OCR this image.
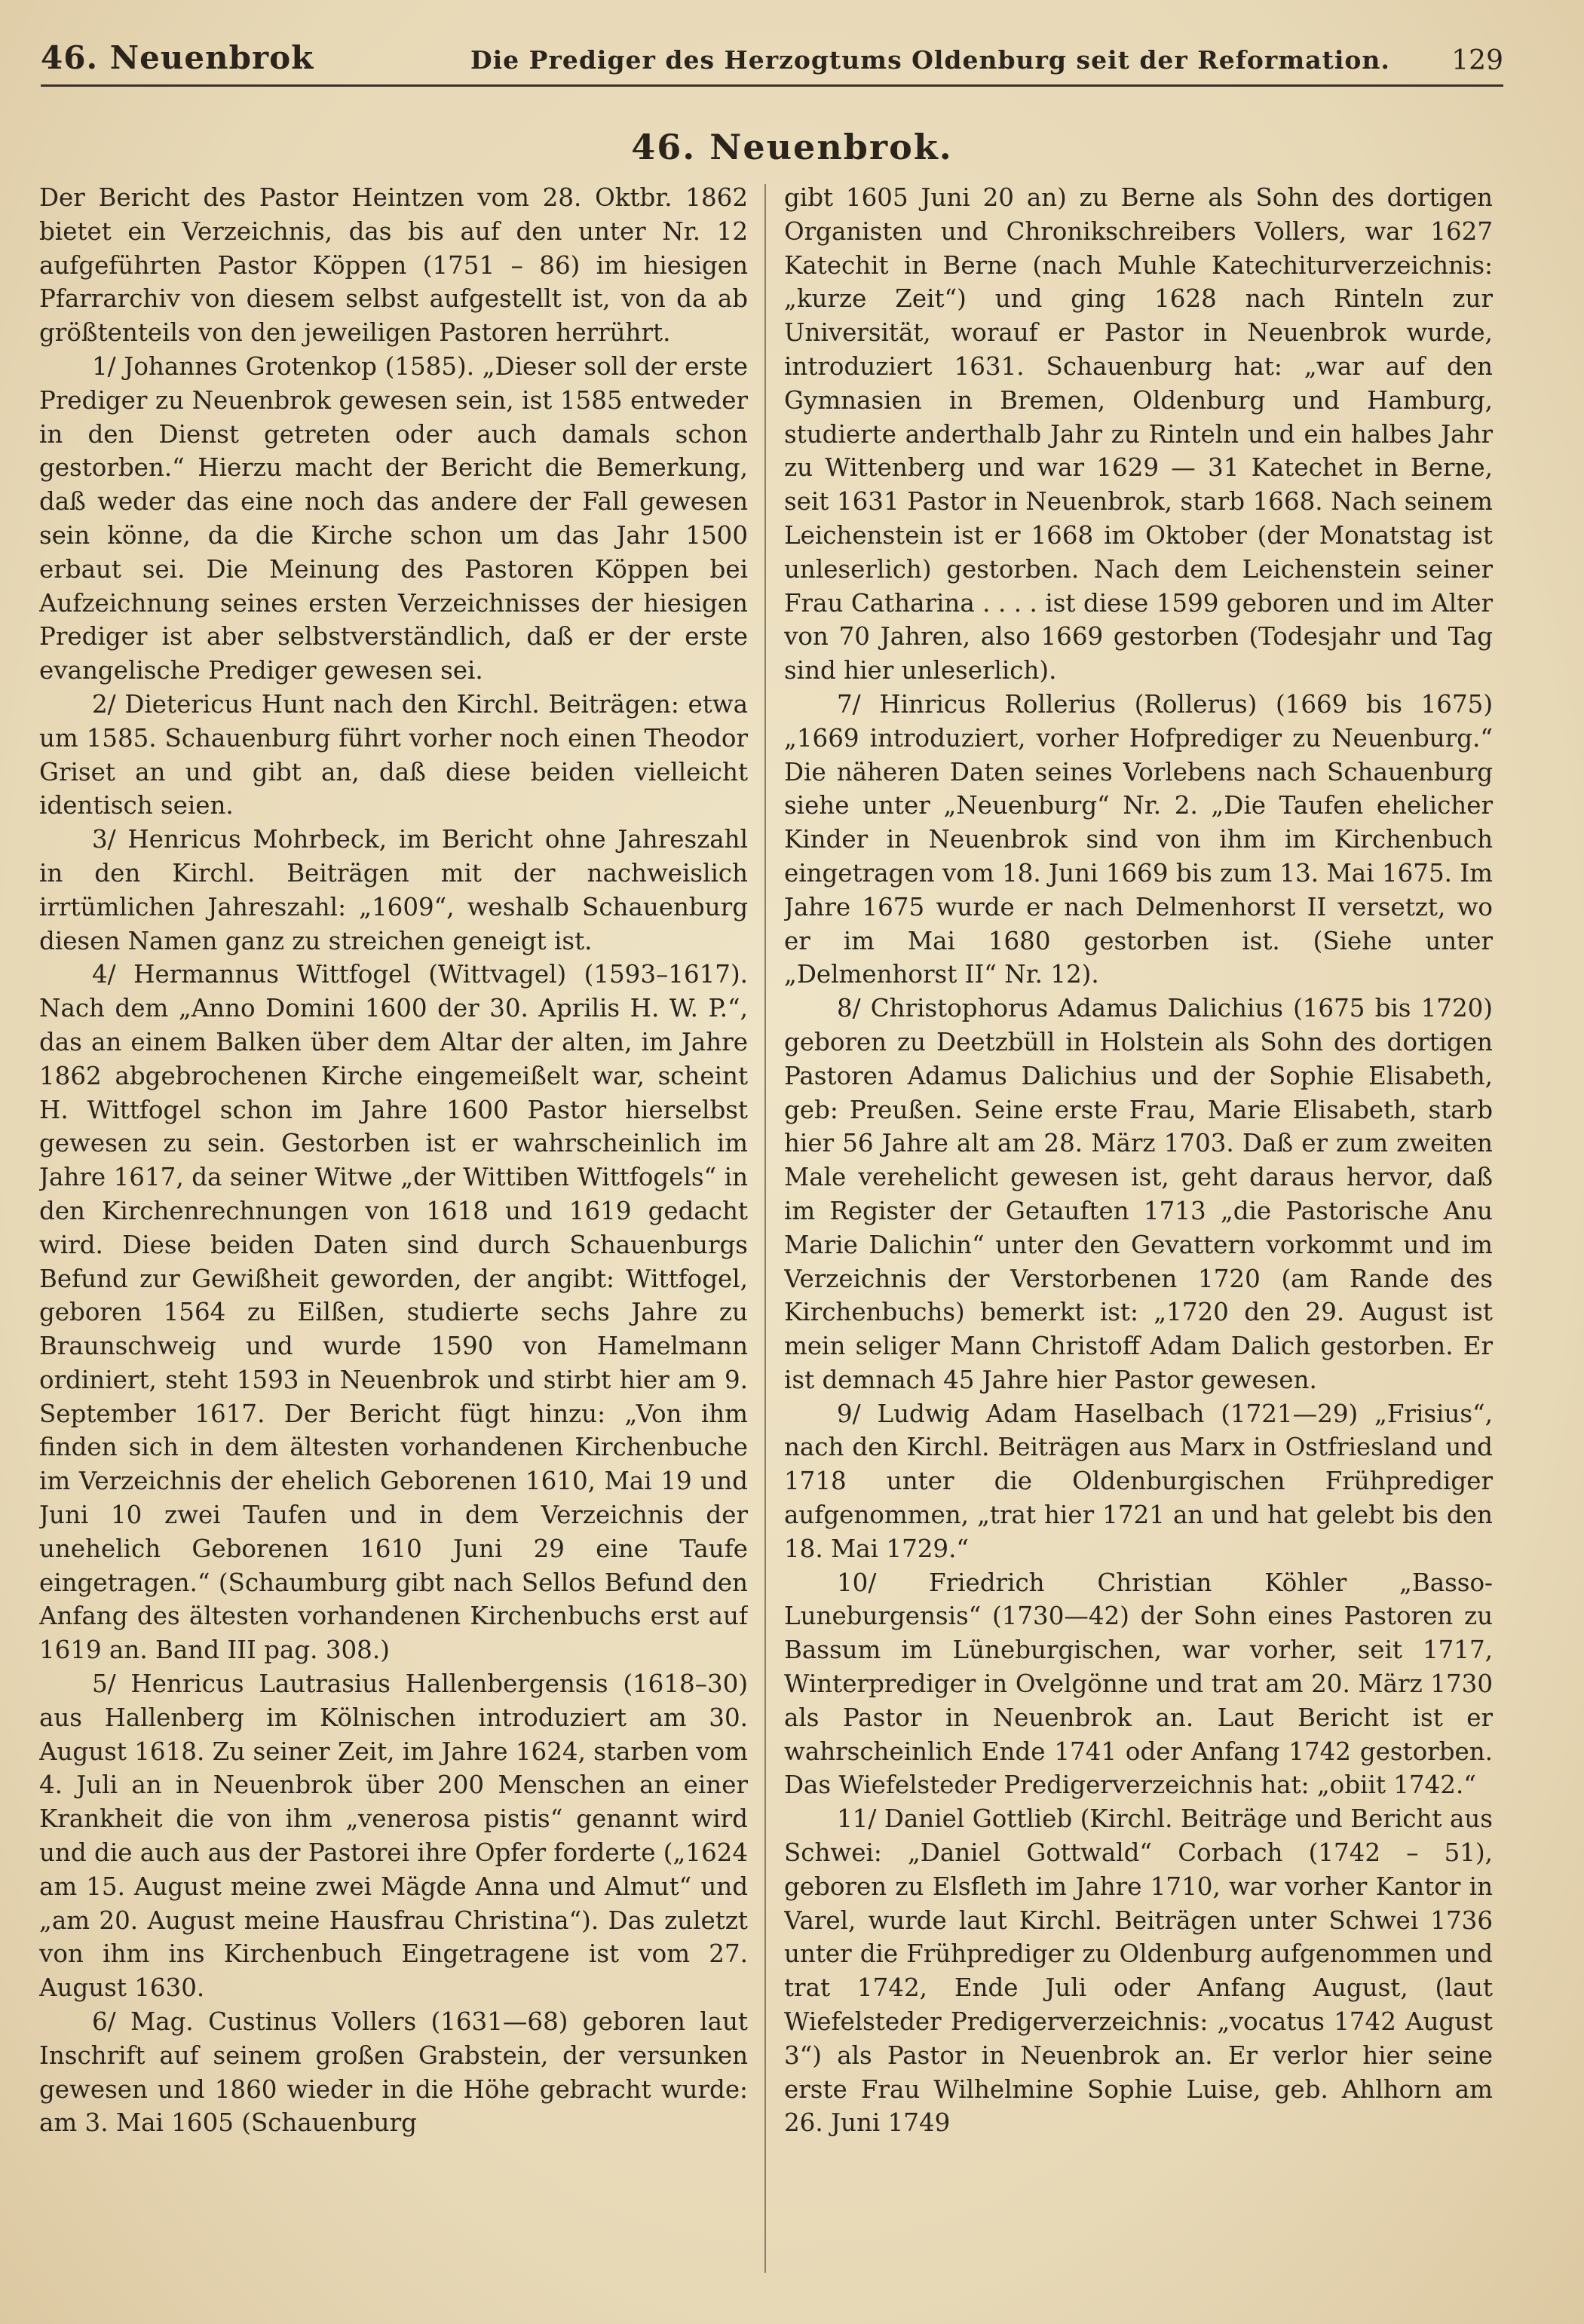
46. Neuenbrok	Die Prediger des Herzogtums Oldenburg seit der Reformation. 129
46. Neuenbrok.

Der Bericht des Pastor Heintzen vom 28. Oktbr. 1862 bietet ein Verzeichnis, das bis auf den unter Nr. 12 aufgeführten Pastor Köppen (1751 – 86) im hiesigen Pfarrarchiv von diesem selbst aufgestellt ist, von da ab größtenteils von den jeweiligen Pastoren herrührt.

1/ Johannes Grotenkop (1585). „Dieser soll der erste Prediger zu Neuenbrok gewesen sein, ist 1585 entweder in den Dienst getreten oder auch damals schon gestorben.“ Hierzu macht der Bericht die Bemerkung, daß weder das eine noch das andere der Fall gewesen sein könne, da die Kirche schon um das Jahr 1500 erbaut sei. Die Meinung des Pastoren Köppen bei Aufzeichnung seines ersten Verzeichnisses der hiesigen Prediger ist aber selbstverständlich, daß er der erste evangelische Prediger gewesen sei.

2/ Dietericus Hunt nach den Kirchl. Beiträgen: etwa um 1585. Schauenburg führt vorher noch einen Theodor Griset an und gibt an, daß diese beiden vielleicht identisch seien.

3/ Henricus Mohrbeck, im Bericht ohne Jahreszahl in den Kirchl. Beiträgen mit der nachweislich irrtümlichen Jahreszahl: „1609“, weshalb Schauenburg diesen Namen ganz zu streichen geneigt ist.

4/ Hermannus Wittfogel (Wittvagel) (1593–1617). Nach dem „Anno Domini 1600 der 30. Aprilis H. W. P.“, das an einem Balken über dem Altar der alten, im Jahre 1862 abgebrochenen Kirche eingemeißelt war, scheint H. Wittfogel schon im Jahre 1600 Pastor hierselbst gewesen zu sein. Gestorben ist er wahrscheinlich im Jahre 1617, da seiner Witwe „der Wittiben Wittfogels“ in den Kirchenrechnungen von 1618 und 1619 gedacht wird. Diese beiden Daten sind durch Schauenburgs Befund zur Gewißheit geworden, der angibt: Wittfogel, geboren 1564 zu Eilßen, studierte sechs Jahre zu Braunschweig und wurde 1590 von Hamelmann ordiniert, steht 1593 in Neuenbrok und stirbt hier am 9. September 1617. Der Bericht fügt hinzu: „Von ihm finden sich in dem ältesten vorhandenen Kirchenbuche im Verzeichnis der ehelich Geborenen 1610, Mai 19 und Juni 10 zwei Taufen und in dem Verzeichnis der unehelich Geborenen 1610 Juni 29 eine Taufe eingetragen.“ (Schaumburg gibt nach Sellos Befund den Anfang des ältesten vorhandenen Kirchenbuchs erst auf 1619 an. Band III pag. 308.)

5/ Henricus Lautrasius Hallenbergensis (1618–30) aus Hallenberg im Kölnischen introduziert am 30. August 1618. Zu seiner Zeit, im Jahre 1624, starben vom 4. Juli an in Neuenbrok über 200 Menschen an einer Krankheit die von ihm „venerosa pistis“ genannt wird und die auch aus der Pastorei ihre Opfer forderte („1624 am 15. August meine zwei Mägde Anna und Almut“ und „am 20. August meine Hausfrau Christina“). Das zuletzt von ihm ins Kirchenbuch Eingetragene ist vom 27. August 1630.

6/ Mag. Custinus Vollers (1631—68) geboren laut Inschrift auf seinem großen Grabstein, der versunken gewesen und 1860 wieder in die Höhe gebracht wurde: am 3. Mai 1605 (Schauenburg

gibt 1605 Juni 20 an) zu Berne als Sohn des dortigen Organisten und Chronikschreibers Vollers, war 1627 Katechit in Berne (nach Muhle Katechiturverzeichnis: „kurze Zeit“) und ging 1628 nach Rinteln zur Universität, worauf er Pastor in Neuenbrok wurde, introduziert 1631. Schauenburg hat: „war auf den Gymnasien in Bremen, Oldenburg und Hamburg, studierte anderthalb Jahr zu Rinteln und ein halbes Jahr zu Wittenberg und war 1629 — 31 Katechet in Berne, seit 1631 Pastor in Neuenbrok, starb 1668. Nach seinem Leichenstein ist er 1668 im Oktober (der Monatstag ist unleserlich) gestorben. Nach dem Leichenstein seiner Frau Catharina . . . . ist diese 1599 geboren und im Alter von 70 Jahren, also 1669 gestorben (Todesjahr und Tag sind hier unleserlich).

7/ Hinricus Rollerius (Rollerus) (1669 bis 1675) „1669 introduziert, vorher Hofprediger zu Neuenburg.“ Die näheren Daten seines Vorlebens nach Schauenburg siehe unter „Neuenburg“ Nr. 2. „Die Taufen ehelicher Kinder in Neuenbrok sind von ihm im Kirchenbuch eingetragen vom 18. Juni 1669 bis zum 13. Mai 1675. Im Jahre 1675 wurde er nach Delmenhorst II versetzt, wo er im Mai 1680 gestorben ist. (Siehe unter „Delmenhorst II“ Nr. 12).

8/ Christophorus Adamus Dalichius (1675 bis 1720) geboren zu Deetzbüll in Holstein als Sohn des dortigen Pastoren Adamus Dalichius und der Sophie Elisabeth, geb: Preußen. Seine erste Frau, Marie Elisabeth, starb hier 56 Jahre alt am 28. März 1703. Daß er zum zweiten Male verehelicht gewesen ist, geht daraus hervor, daß im Register der Getauften 1713 „die Pastorische Anu Marie Dalichin“ unter den Gevattern vorkommt und im Verzeichnis der Verstorbenen 1720 (am Rande des Kirchenbuchs) bemerkt ist: „1720 den 29. August ist mein seliger Mann Christoff Adam Dalich gestorben. Er ist demnach 45 Jahre hier Pastor gewesen.

9/ Ludwig Adam Haselbach (1721—29) „Frisius“, nach den Kirchl. Beiträgen aus Marx in Ostfriesland und 1718 unter die Oldenburgischen Frühprediger aufgenommen, „trat hier 1721 an und hat gelebt bis den 18. Mai 1729.“

10/ Friedrich Christian Köhler „Basso-Luneburgensis“ (1730—42) der Sohn eines Pastoren zu Bassum im Lüneburgischen, war vorher, seit 1717, Winterprediger in Ovelgönne und trat am 20. März 1730 als Pastor in Neuenbrok an. Laut Bericht ist er wahrscheinlich Ende 1741 oder Anfang 1742 gestorben. Das Wiefelsteder Predigerverzeichnis hat: „obiit 1742.“

11/ Daniel Gottlieb (Kirchl. Beiträge und Bericht aus Schwei: „Daniel Gottwald“ Corbach (1742 – 51), geboren zu Elsfleth im Jahre 1710, war vorher Kantor in Varel, wurde laut Kirchl. Beiträgen unter Schwei 1736 unter die Frühprediger zu Oldenburg aufgenommen und trat 1742, Ende Juli oder Anfang August, (laut Wiefelsteder Predigerverzeichnis: „vocatus 1742 August 3“) als Pastor in Neuenbrok an. Er verlor hier seine erste Frau Wilhelmine Sophie Luise, geb. Ahlhorn am 26. Juni 1749
